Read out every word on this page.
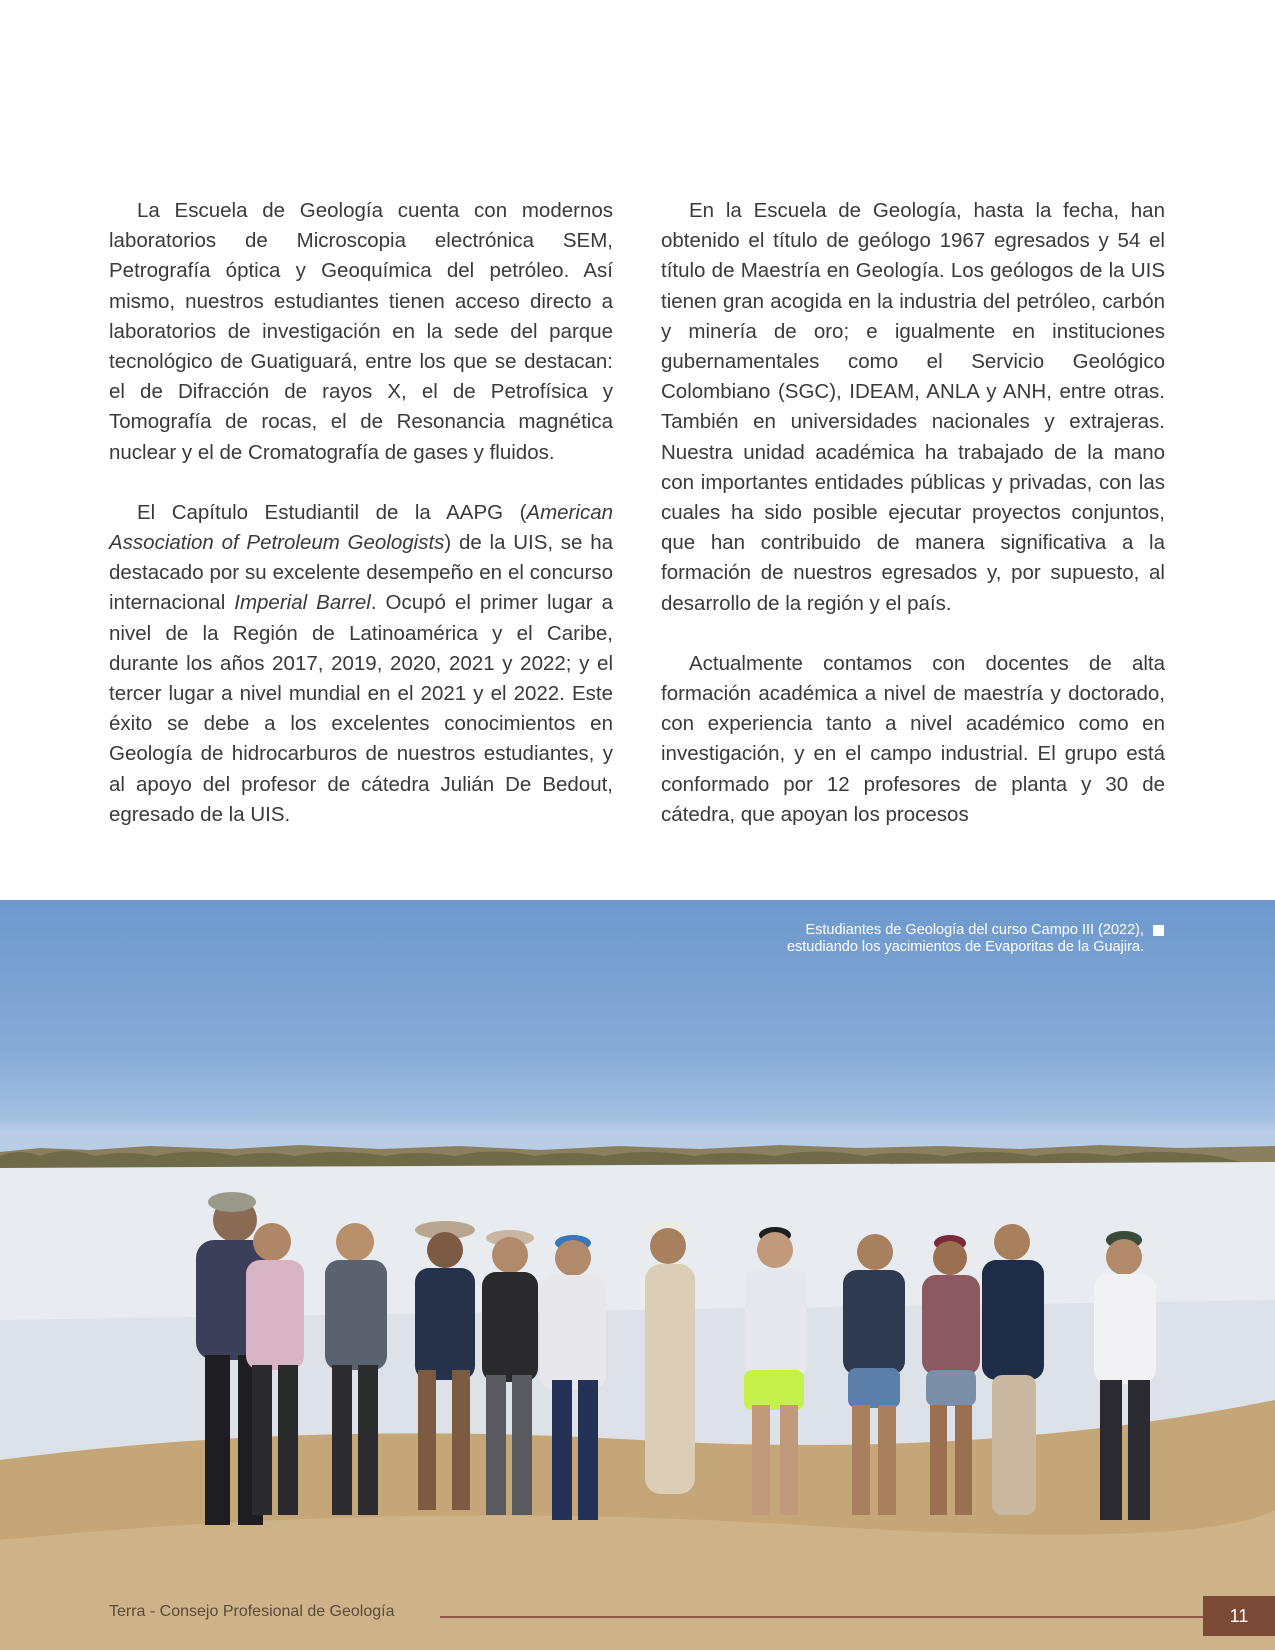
La Escuela de Geología cuenta con modernos laboratorios de Microscopia electrónica SEM, Petrografía óptica y Geoquímica del petróleo. Así mismo, nuestros estudiantes tienen acceso directo a laboratorios de investigación en la sede del parque tecnológico de Guatiguará, entre los que se destacan: el de Difracción de rayos X, el de Petrofísica y Tomografía de rocas, el de Resonancia magnética nuclear y el de Cromatografía de gases y fluidos.

El Capítulo Estudiantil de la AAPG (American Association of Petroleum Geologists) de la UIS, se ha destacado por su excelente desempeño en el concurso internacional Imperial Barrel. Ocupó el primer lugar a nivel de la Región de Latinoamérica y el Caribe, durante los años 2017, 2019, 2020, 2021 y 2022; y el tercer lugar a nivel mundial en el 2021 y el 2022. Este éxito se debe a los excelentes conocimientos en Geología de hidrocarburos de nuestros estudiantes, y al apoyo del profesor de cátedra Julián De Bedout, egresado de la UIS.

En la Escuela de Geología, hasta la fecha, han obtenido el título de geólogo 1967 egresados y 54 el título de Maestría en Geología. Los geólogos de la UIS tienen gran acogida en la industria del petróleo, carbón y minería de oro; e igualmente en instituciones gubernamentales como el Servicio Geológico Colombiano (SGC), IDEAM, ANLA y ANH, entre otras. También en universidades nacionales y extrajeras. Nuestra unidad académica ha trabajado de la mano con importantes entidades públicas y privadas, con las cuales ha sido posible ejecutar proyectos conjuntos, que han contribuido de manera significativa a la formación de nuestros egresados y, por supuesto, al desarrollo de la región y el país.

Actualmente contamos con docentes de alta formación académica a nivel de maestría y doctorado, con experiencia tanto a nivel académico como en investigación, y en el campo industrial. El grupo está conformado por 12 profesores de planta y 30 de cátedra, que apoyan los procesos

Estudiantes de Geología del curso Campo III (2022),
estudiando los yacimientos de Evaporitas de la Guajira.
Terra - Consejo Profesional de Geología	11
